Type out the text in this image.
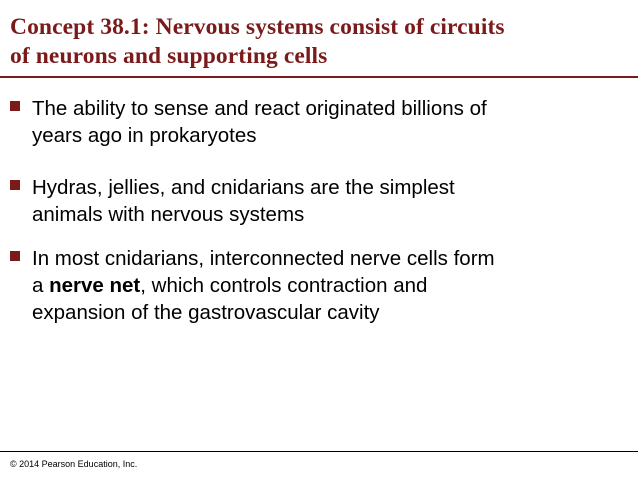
Concept 38.1: Nervous systems consist of circuits
of neurons and supporting cells
The ability to sense and react originated billions of
years ago in prokaryotes
Hydras, jellies, and cnidarians are the simplest
animals with nervous systems
In most cnidarians, interconnected nerve cells form
a nerve net, which controls contraction and
expansion of the gastrovascular cavity
© 2014 Pearson Education, Inc.
